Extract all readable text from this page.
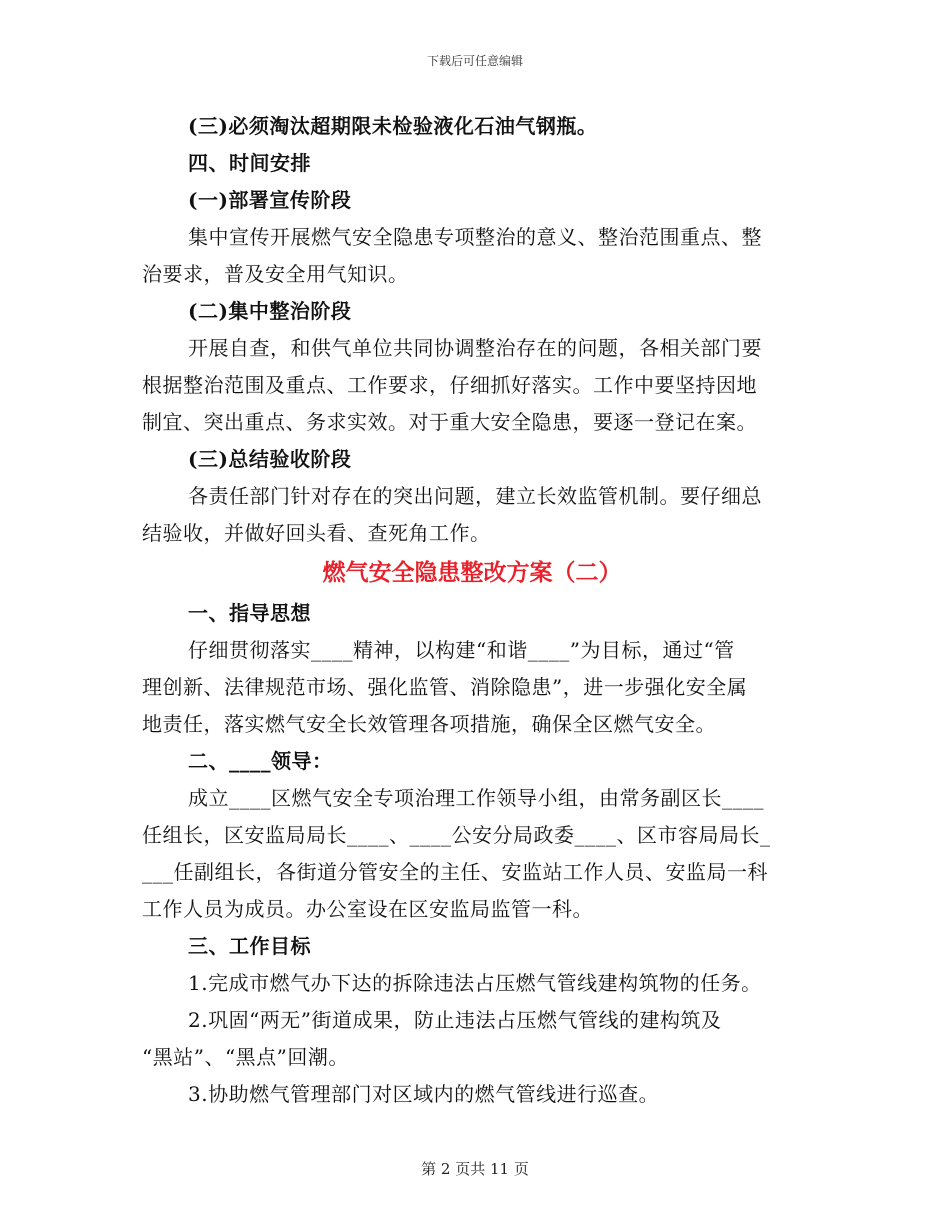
下载后可任意编辑
(三)必须淘汰超期限未检验液化石油气钢瓶。
四、时间安排
(一)部署宣传阶段
集中宣传开展燃气安全隐患专项整治的意义、整治范围重点、整
治要求，普及安全用气知识。
(二)集中整治阶段
开展自查，和供气单位共同协调整治存在的问题，各相关部门要
根据整治范围及重点、工作要求，仔细抓好落实。工作中要坚持因地
制宜、突出重点、务求实效。对于重大安全隐患，要逐一登记在案。
(三)总结验收阶段
各责任部门针对存在的突出问题，建立长效监管机制。要仔细总
结验收，并做好回头看、查死角工作。
燃气安全隐患整改方案（二）
一、指导思想
仔细贯彻落实____精神，以构建“和谐____”为目标，通过“管
理创新、法律规范市场、强化监管、消除隐患”，进一步强化安全属
地责任，落实燃气安全长效管理各项措施，确保全区燃气安全。
二、____领导：
成立____区燃气安全专项治理工作领导小组，由常务副区长____
任组长，区安监局局长____、____公安分局政委____、区市容局局长_
___任副组长，各街道分管安全的主任、安监站工作人员、安监局一科
工作人员为成员。办公室设在区安监局监管一科。
三、工作目标
1.完成市燃气办下达的拆除违法占压燃气管线建构筑物的任务。
2.巩固“两无”街道成果，防止违法占压燃气管线的建构筑及
“黑站”、“黑点”回潮。
3.协助燃气管理部门对区域内的燃气管线进行巡查。
第 2 页共 11 页
